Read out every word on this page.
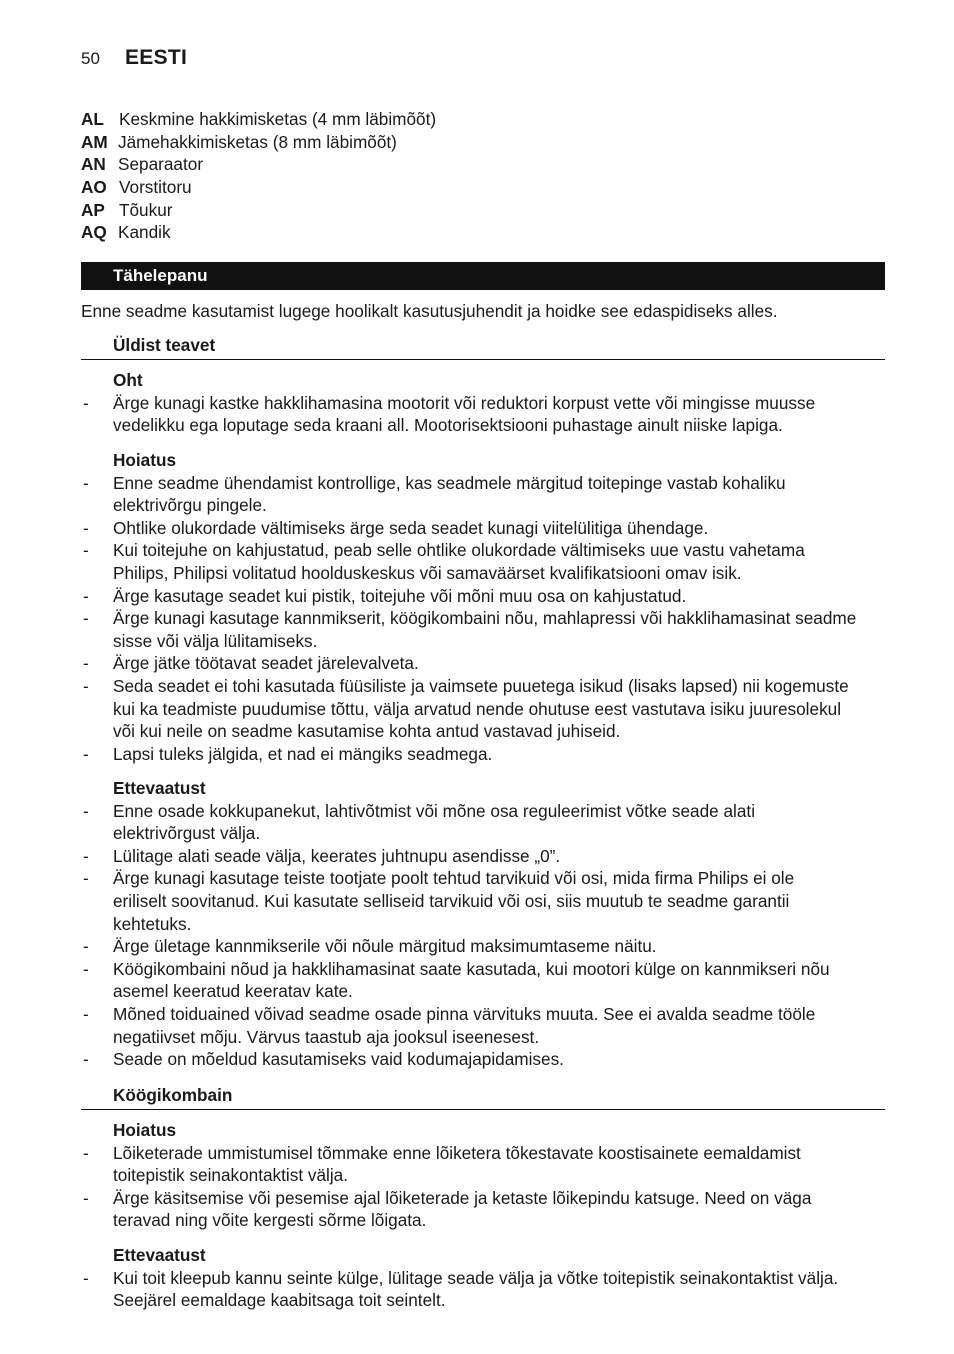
50 EESTI
AL Keskmine hakkimisketas (4 mm läbimõõt)
AM Jämehakkimisketas (8 mm läbimõõt)
AN Separaator
AO Vorstitoru
AP Tõukur
AQ Kandik
Tähelepanu
Enne seadme kasutamist lugege hoolikalt kasutusjuhendit ja hoidke see edaspidiseks alles.
Üldist teavet
Oht
- Ärge kunagi kastke hakklihamasina mootorit või reduktori korpust vette või mingisse muusse
vedelikku ega loputage seda kraani all. Mootorisektsiooni puhastage ainult niiske lapiga.
Hoiatus
- Enne seadme ühendamist kontrollige, kas seadmele märgitud toitepinge vastab kohaliku
elektrivõrgu pingele.
- Ohtlike olukordade vältimiseks ärge seda seadet kunagi viitelülitiga ühendage.
- Kui toitejuhe on kahjustatud, peab selle ohtlike olukordade vältimiseks uue vastu vahetama
Philips, Philipsi volitatud hoolduskeskus või samaväärset kvalifikatsiooni omav isik.
- Ärge kasutage seadet kui pistik, toitejuhe või mõni muu osa on kahjustatud.
- Ärge kunagi kasutage kannmikserit, köögikombaini nõu, mahlapressi või hakklihamasinat seadme
sisse või välja lülitamiseks.
- Ärge jätke töötavat seadet järelevalveta.
- Seda seadet ei tohi kasutada füüsiliste ja vaimsete puuetega isikud (lisaks lapsed) nii kogemuste
kui ka teadmiste puudumise tõttu, välja arvatud nende ohutuse eest vastutava isiku juuresolekul
või kui neile on seadme kasutamise kohta antud vastavad juhiseid.
- Lapsi tuleks jälgida, et nad ei mängiks seadmega.
Ettevaatust
- Enne osade kokkupanekut, lahtivõtmist või mõne osa reguleerimist võtke seade alati
elektrivõrgust välja.
- Lülitage alati seade välja, keerates juhtnupu asendisse „0”.
- Ärge kunagi kasutage teiste tootjate poolt tehtud tarvikuid või osi, mida firma Philips ei ole
eriliselt soovitanud. Kui kasutate selliseid tarvikuid või osi, siis muutub te seadme garantii
kehtetuks.
- Ärge ületage kannmikserile või nõule märgitud maksimumtaseme näitu.
- Köögikombaini nõud ja hakklihamasinat saate kasutada, kui mootori külge on kannmikseri nõu
asemel keeratud keeratav kate.
- Mõned toiduained võivad seadme osade pinna värvituks muuta. See ei avalda seadme tööle
negatiivset mõju. Värvus taastub aja jooksul iseenesest.
- Seade on mõeldud kasutamiseks vaid kodumajapidamises.
Köögikombain
Hoiatus
- Lõiketerade ummistumisel tõmmake enne lõiketera tõkestavate koostisainete eemaldamist
toitepistik seinakontaktist välja.
- Ärge käsitsemise või pesemise ajal lõiketerade ja ketaste lõikepindu katsuge. Need on väga
teravad ning võite kergesti sõrme lõigata.
Ettevaatust
- Kui toit kleepub kannu seinte külge, lülitage seade välja ja võtke toitepistik seinakontaktist välja.
Seejärel eemaldage kaabitsaga toit seintelt.
